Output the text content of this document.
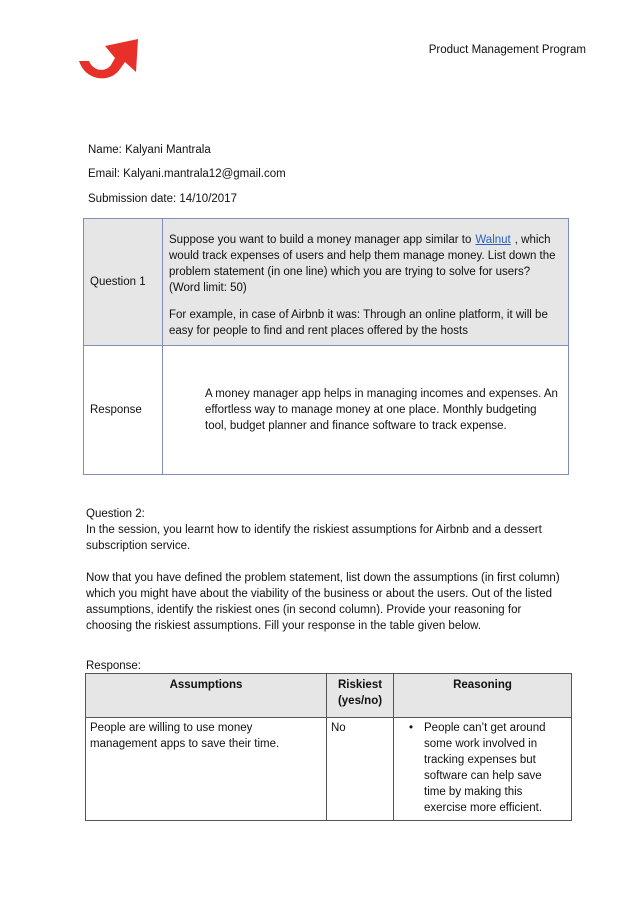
Product Management Program
Name: Kalyani Mantrala
Email: Kalyani.mantrala12@gmail.com
Submission date: 14/10/2017
Question 1	Suppose you want to build a money manager app similar to Walnut , which would track expenses of users and help them manage money. List down the problem statement (in one line) which you are trying to solve for users? (Word limit: 50)

For example, in case of Airbnb it was: Through an online platform, it will be easy for people to find and rent places offered by the hosts

Response	A money manager app helps in managing incomes and expenses. An effortless way to manage money at one place. Monthly budgeting tool, budget planner and finance software to track expense.

Question 2:
In the session, you learnt how to identify the riskiest assumptions for Airbnb and a dessert subscription service.

Now that you have defined the problem statement, list down the assumptions (in first column) which you might have about the viability of the business or about the users. Out of the listed assumptions, identify the riskiest ones (in second column). Provide your reasoning for choosing the riskiest assumptions. Fill your response in the table given below.

Response:
Assumptions	Riskiest (yes/no)	Reasoning
People are willing to use money management apps to save their time.	No	• People can’t get around some work involved in tracking expenses but software can help save time by making this exercise more efficient.
